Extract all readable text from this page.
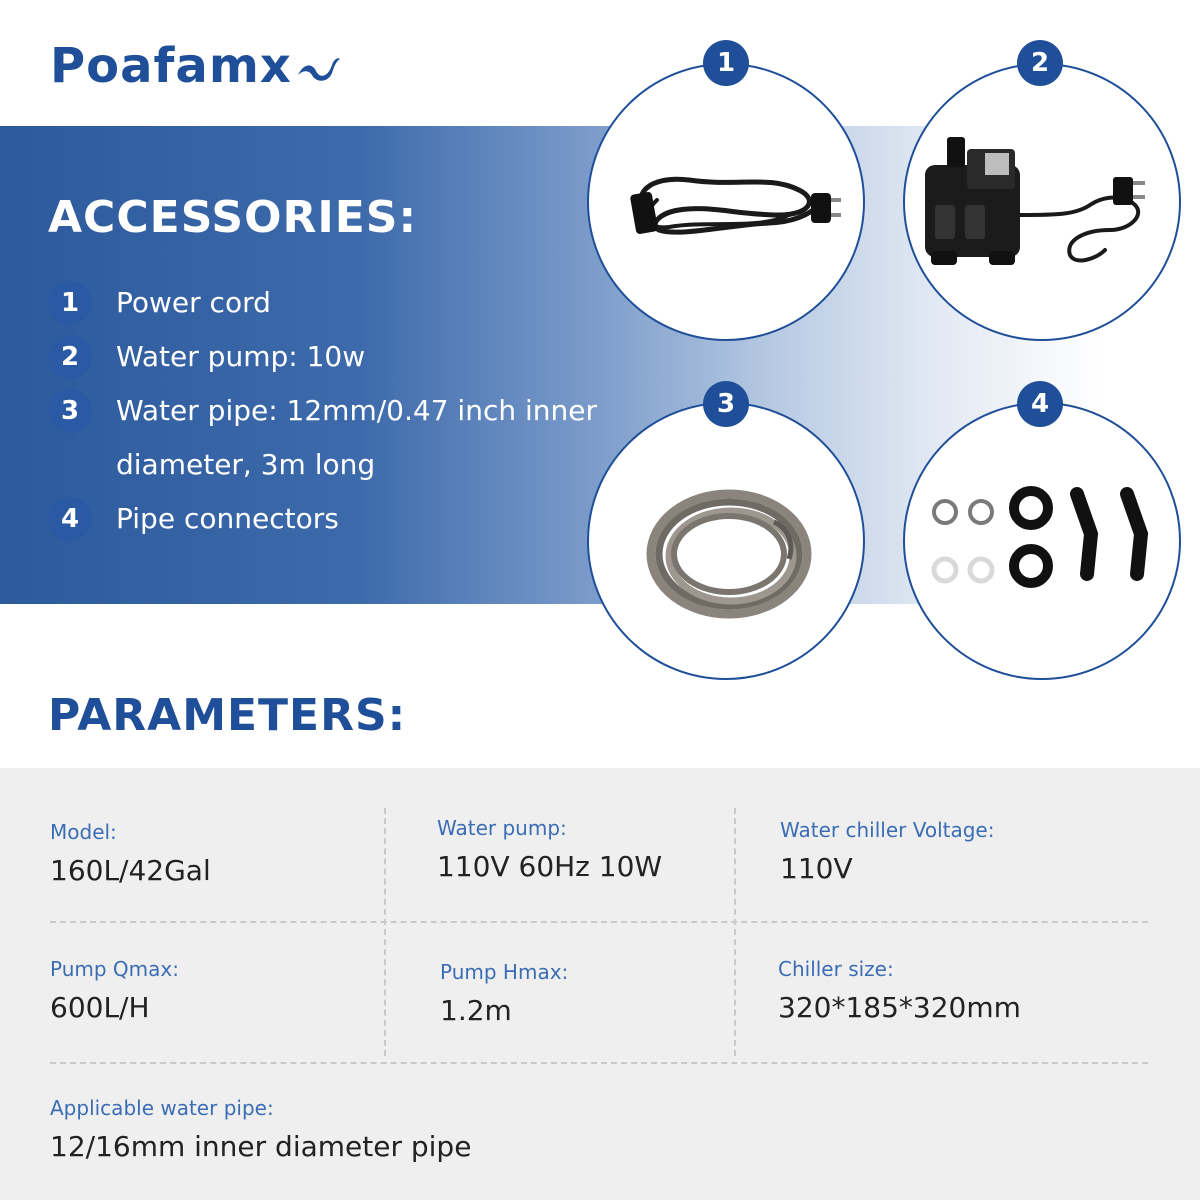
Poafamx
ACCESSORIES:
1	Power cord
2	Water pump: 10w
3	Water pipe: 12mm/0.47 inch inner
diameter, 3m long
4	Pipe connectors
1	2
3	4
PARAMETERS:
Model:
160L/42Gal
Water pump:
110V 60Hz 10W
Water chiller Voltage:
110V
Pump Qmax:
600L/H
Pump Hmax:
1.2m
Chiller size:
320*185*320mm
Applicable water pipe:
12/16mm inner diameter pipe
